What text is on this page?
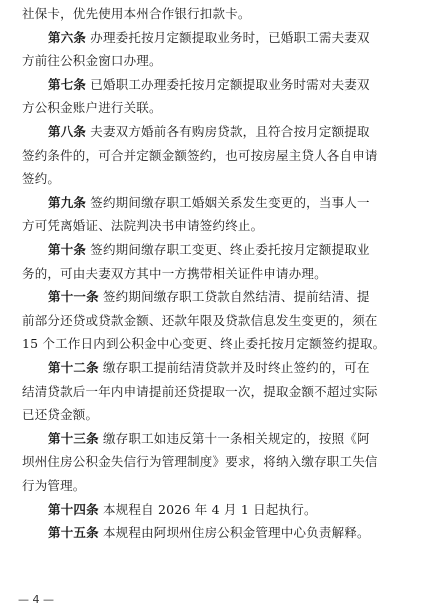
社保卡，优先使用本州合作银行扣款卡。
第六条 办理委托按月定额提取业务时，已婚职工需夫妻双
方前往公积金窗口办理。
第七条 已婚职工办理委托按月定额提取业务时需对夫妻双
方公积金账户进行关联。
第八条 夫妻双方婚前各有购房贷款，且符合按月定额提取
签约条件的，可合并定额金额签约，也可按房屋主贷人各自申请
签约。
第九条 签约期间缴存职工婚姻关系发生变更的，当事人一
方可凭离婚证、法院判决书申请签约终止。
第十条 签约期间缴存职工变更、终止委托按月定额提取业
务的，可由夫妻双方其中一方携带相关证件申请办理。
第十一条 签约期间缴存职工贷款自然结清、提前结清、提
前部分还贷或贷款金额、还款年限及贷款信息发生变更的，须在
15 个工作日内到公积金中心变更、终止委托按月定额签约提取。
第十二条 缴存职工提前结清贷款并及时终止签约的，可在
结清贷款后一年内申请提前还贷提取一次，提取金额不超过实际
已还贷金额。
第十三条 缴存职工如违反第十一条相关规定的，按照《阿
坝州住房公积金失信行为管理制度》要求，将纳入缴存职工失信
行为管理。
第十四条 本规程自 2026 年 4 月 1 日起执行。
第十五条 本规程由阿坝州住房公积金管理中心负责解释。
— 4 —
